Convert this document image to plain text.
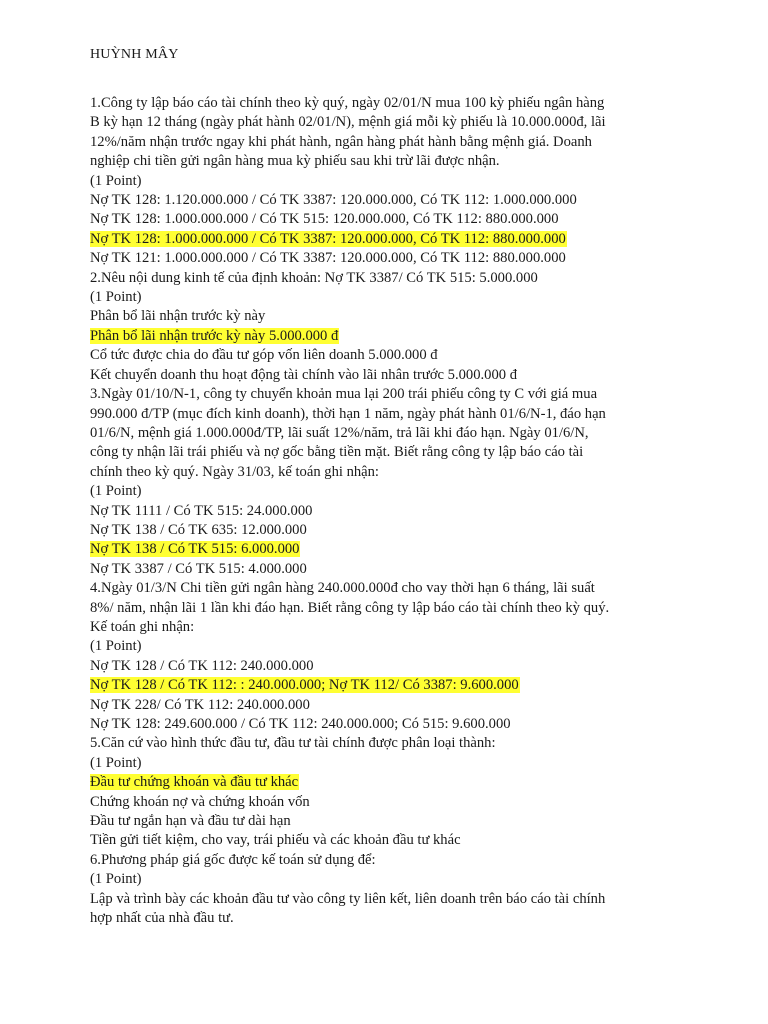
HUỲNH MÂY
1.Công ty lập báo cáo tài chính theo kỳ quý, ngày 02/01/N mua 100 kỳ phiếu ngân hàng
B kỳ hạn 12 tháng (ngày phát hành 02/01/N), mệnh giá mỗi kỳ phiếu là 10.000.000đ, lãi
12%/năm nhận trước ngay khi phát hành, ngân hàng phát hành bằng mệnh giá. Doanh
nghiệp chi tiền gửi ngân hàng mua kỳ phiếu sau khi trừ lãi được nhận.
(1 Point)
Nợ TK 128: 1.120.000.000 / Có TK 3387: 120.000.000, Có TK 112: 1.000.000.000
Nợ TK 128: 1.000.000.000 / Có TK 515: 120.000.000, Có TK 112: 880.000.000
Nợ TK 128: 1.000.000.000 / Có TK 3387: 120.000.000, Có TK 112: 880.000.000
Nợ TK 121: 1.000.000.000 / Có TK 3387: 120.000.000, Có TK 112: 880.000.000
2.Nêu nội dung kinh tế của định khoản: Nợ TK 3387/ Có TK 515: 5.000.000
(1 Point)
Phân bổ lãi nhận trước kỳ này
Phân bổ lãi nhận trước kỳ này 5.000.000 đ
Cổ tức được chia do đầu tư góp vốn liên doanh 5.000.000 đ
Kết chuyển doanh thu hoạt động tài chính vào lãi nhân trước 5.000.000 đ
3.Ngày 01/10/N-1, công ty chuyển khoản mua lại 200 trái phiếu công ty C với giá mua
990.000 đ/TP (mục đích kinh doanh), thời hạn 1 năm, ngày phát hành 01/6/N-1, đáo hạn
01/6/N, mệnh giá 1.000.000đ/TP, lãi suất 12%/năm, trả lãi khi đáo hạn. Ngày 01/6/N,
công ty nhận lãi trái phiếu và nợ gốc bằng tiền mặt. Biết rằng công ty lập báo cáo tài
chính theo kỳ quý. Ngày 31/03, kế toán ghi nhận:
(1 Point)
Nợ TK 1111 / Có TK 515: 24.000.000
Nợ TK 138 / Có TK 635: 12.000.000
Nợ TK 138 / Có TK 515: 6.000.000
Nợ TK 3387 / Có TK 515: 4.000.000
4.Ngày 01/3/N Chi tiền gửi ngân hàng 240.000.000đ cho vay thời hạn 6 tháng, lãi suất
8%/ năm, nhận lãi 1 lần khi đáo hạn. Biết rằng công ty lập báo cáo tài chính theo kỳ quý.
Kế toán ghi nhận:
(1 Point)
Nợ TK 128 / Có TK 112: 240.000.000
Nợ TK 128 / Có TK 112: : 240.000.000; Nợ TK 112/ Có 3387: 9.600.000
Nợ TK 228/ Có TK 112: 240.000.000
Nợ TK 128: 249.600.000 / Có TK 112: 240.000.000; Có 515: 9.600.000
5.Căn cứ vào hình thức đầu tư, đầu tư tài chính được phân loại thành:
(1 Point)
Đầu tư chứng khoán và đầu tư khác
Chứng khoán nợ và chứng khoán vốn
Đầu tư ngắn hạn và đầu tư dài hạn
Tiền gửi tiết kiệm, cho vay, trái phiếu và các khoản đầu tư khác
6.Phương pháp giá gốc được kế toán sử dụng để:
(1 Point)
Lập và trình bày các khoản đầu tư vào công ty liên kết, liên doanh trên báo cáo tài chính
hợp nhất của nhà đầu tư.
